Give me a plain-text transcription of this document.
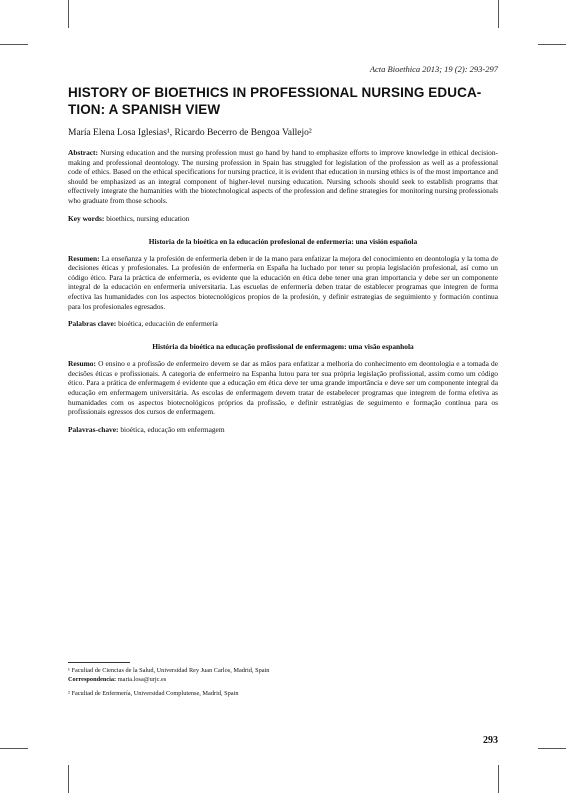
Acta Bioethica 2013; 19 (2): 293-297

HISTORY OF BIOETHICS IN PROFESSIONAL NURSING EDUCA-TION: A SPANISH VIEW

María Elena Losa Iglesias¹, Ricardo Becerro de Bengoa Vallejo²

Abstract: Nursing education and the nursing profession must go hand by hand to emphasize efforts to improve knowledge in ethical decision-making and professional deontology. The nursing profession in Spain has struggled for legislation of the profession as well as a professional code of ethics. Based on the ethical specifications for nursing practice, it is evident that education in nursing ethics is of the most importance and should be emphasized as an integral component of higher-level nursing education. Nursing schools should seek to establish programs that effectively integrate the humanities with the biotechnological aspects of the profession and define strategies for monitoring nursing professionals who graduate from those schools.

Key words: bioethics, nursing education

Historia de la bioética en la educación profesional de enfermería: una visión española

Resumen: La enseñanza y la profesión de enfermería deben ir de la mano para enfatizar la mejora del conocimiento en deontología y la toma de decisiones éticas y profesionales. La profesión de enfermería en España ha luchado por tener su propia legislación profesional, así como un código ético. Para la práctica de enfermería, es evidente que la educación en ética debe tener una gran importancia y debe ser un componente integral de la educación en enfermería universitaria. Las escuelas de enfermería deben tratar de establecer programas que integren de forma efectiva las humanidades con los aspectos biotecnológicos propios de la profesión, y definir estrategias de seguimiento y formación continua para los profesionales egresados.

Palabras clave: bioética, educación de enfermería

História da bioética na educação profissional de enfermagem: uma visão espanhola

Resumo: O ensino e a profissão de enfermeiro devem se dar as mãos para enfatizar a melhoria do conhecimento em deontologia e a tomada de decisões éticas e profissionais. A categoria de enfermeiro na Espanha lutou para ter sua própria legislação profissional, assim como um código ético. Para a prática de enfermagem é evidente que a educação em ética deve ter uma grande importância e deve ser um componente integral da educação em enfermagem universitária. As escolas de enfermagem devem tratar de estabelecer programas que integrem de forma efetiva as humanidades com os aspectos biotecnológicos próprios da profissão, e definir estratégias de seguimento e formação contínua para os profissionais egressos dos cursos de enfermagem.

Palavras-chave: bioética, educação em enfermagem

¹ Facultad de Ciencias de la Salud, Universidad Rey Juan Carlos, Madrid, Spain

Correspondencia: maria.losa@urjc.es

² Facultad de Enfermería, Universidad Complutense, Madrid, Spain

293
